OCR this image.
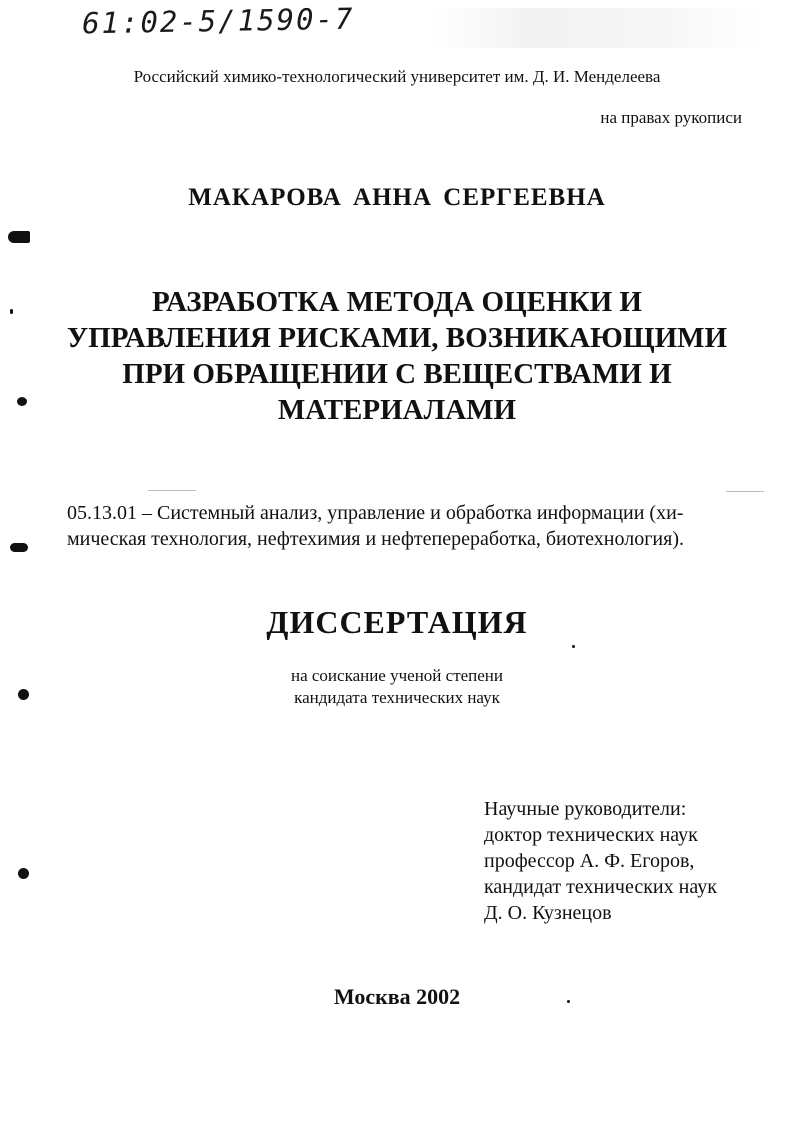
61:02-5/1590-7
Российский химико-технологический университет им. Д. И. Менделеева
на правах рукописи
МАКАРОВА АННА СЕРГЕЕВНА
РАЗРАБОТКА МЕТОДА ОЦЕНКИ И
УПРАВЛЕНИЯ РИСКАМИ, ВОЗНИКАЮЩИМИ
ПРИ ОБРАЩЕНИИ С ВЕЩЕСТВАМИ И
МАТЕРИАЛАМИ
05.13.01 – Системный анализ, управление и обработка информации (хи-
мическая технология, нефтехимия и нефтепереработка, биотехнология).
ДИССЕРТАЦИЯ
на соискание ученой степени
кандидата технических наук
Научные руководители:
доктор технических наук
профессор А. Ф. Егоров,
кандидат технических наук
Д. О. Кузнецов
Москва 2002
